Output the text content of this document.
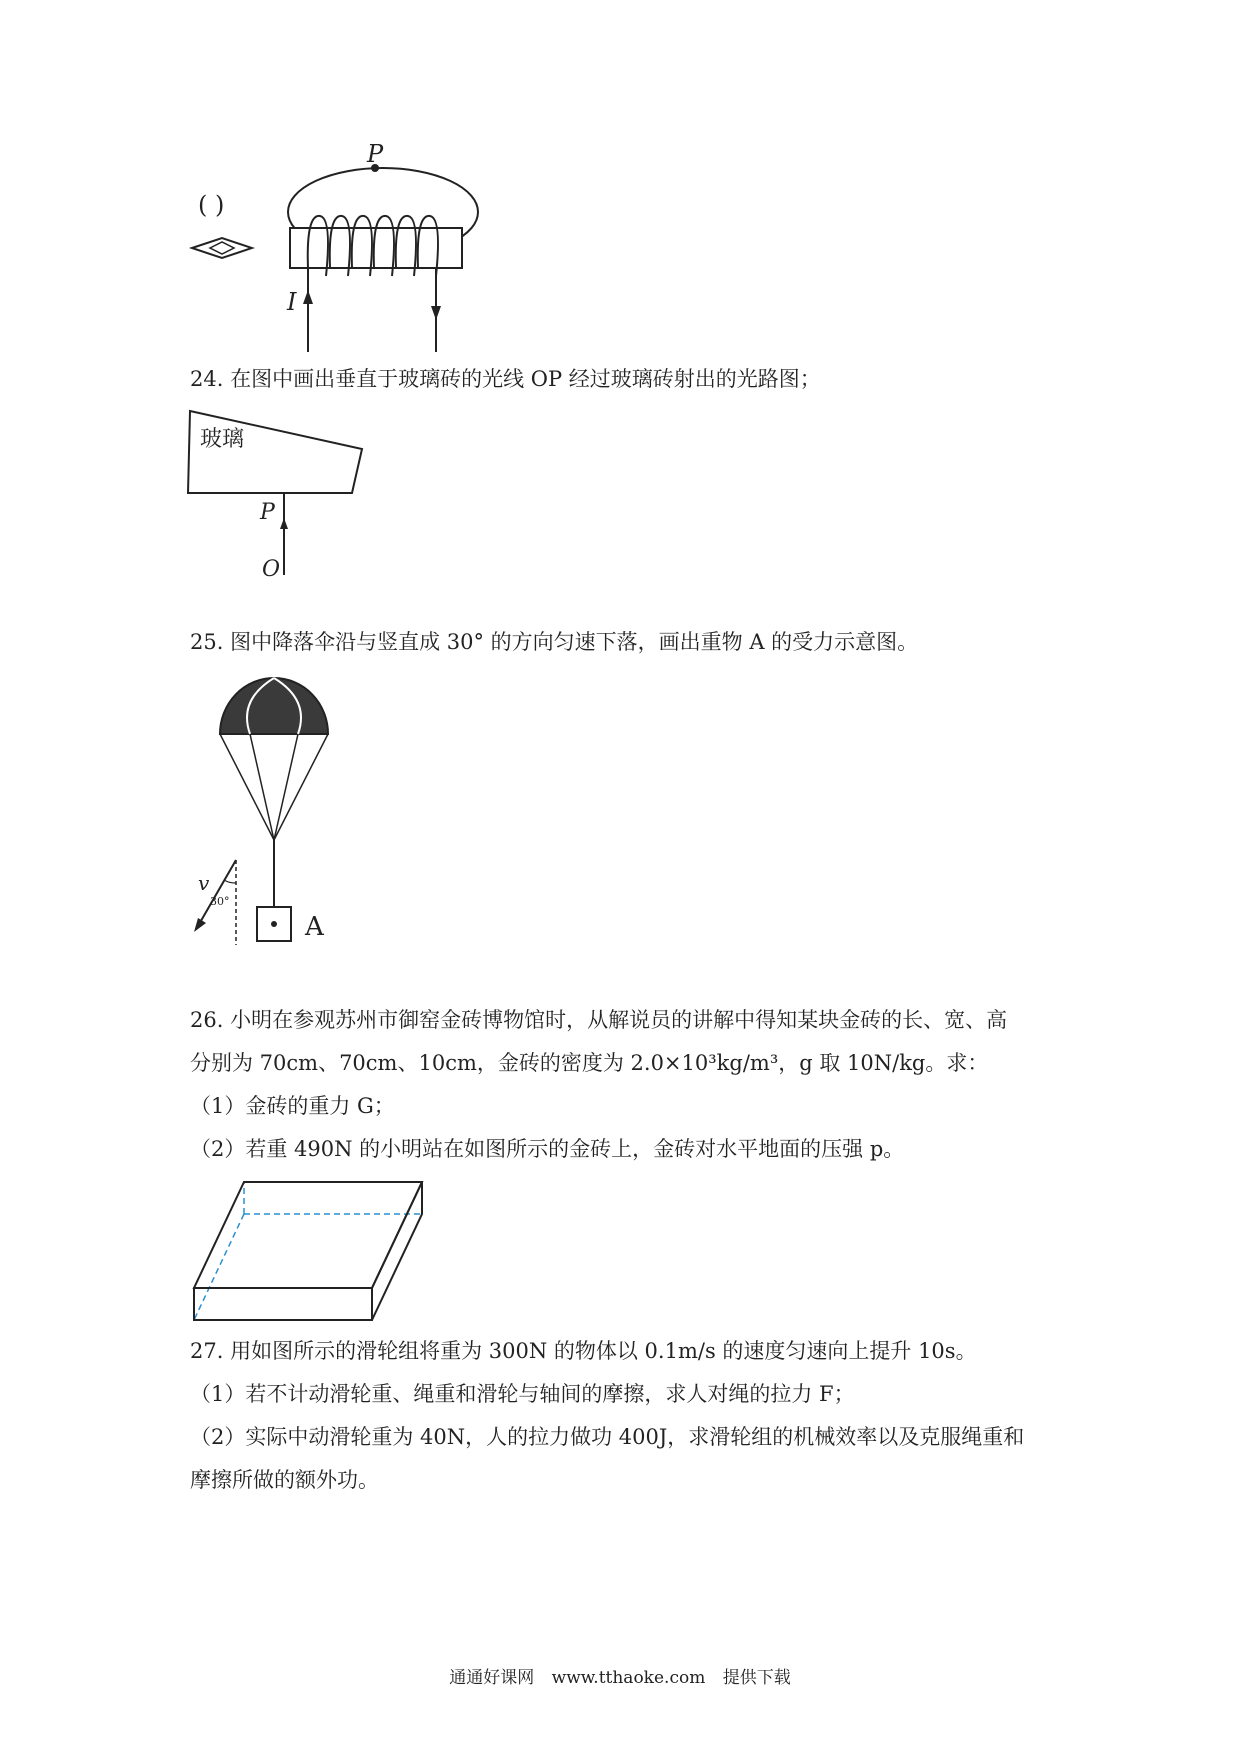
P
I
( )
24. 在图中画出垂直于玻璃砖的光线 OP 经过玻璃砖射出的光路图；
玻璃
P
O
25. 图中降落伞沿与竖直成 30° 的方向匀速下落，画出重物 A 的受力示意图。
A
v
30°
26. 小明在参观苏州市御窑金砖博物馆时，从解说员的讲解中得知某块金砖的长、宽、高
分别为 70cm、70cm、10cm，金砖的密度为 2.0×10³kg/m³，g 取 10N/kg。求：
（1）金砖的重力 G；
（2）若重 490N 的小明站在如图所示的金砖上，金砖对水平地面的压强 p。
27. 用如图所示的滑轮组将重为 300N 的物体以 0.1m/s 的速度匀速向上提升 10s。
（1）若不计动滑轮重、绳重和滑轮与轴间的摩擦，求人对绳的拉力 F；
（2）实际中动滑轮重为 40N，人的拉力做功 400J，求滑轮组的机械效率以及克服绳重和
摩擦所做的额外功。
通通好课网 www.tthaoke.com 提供下载
